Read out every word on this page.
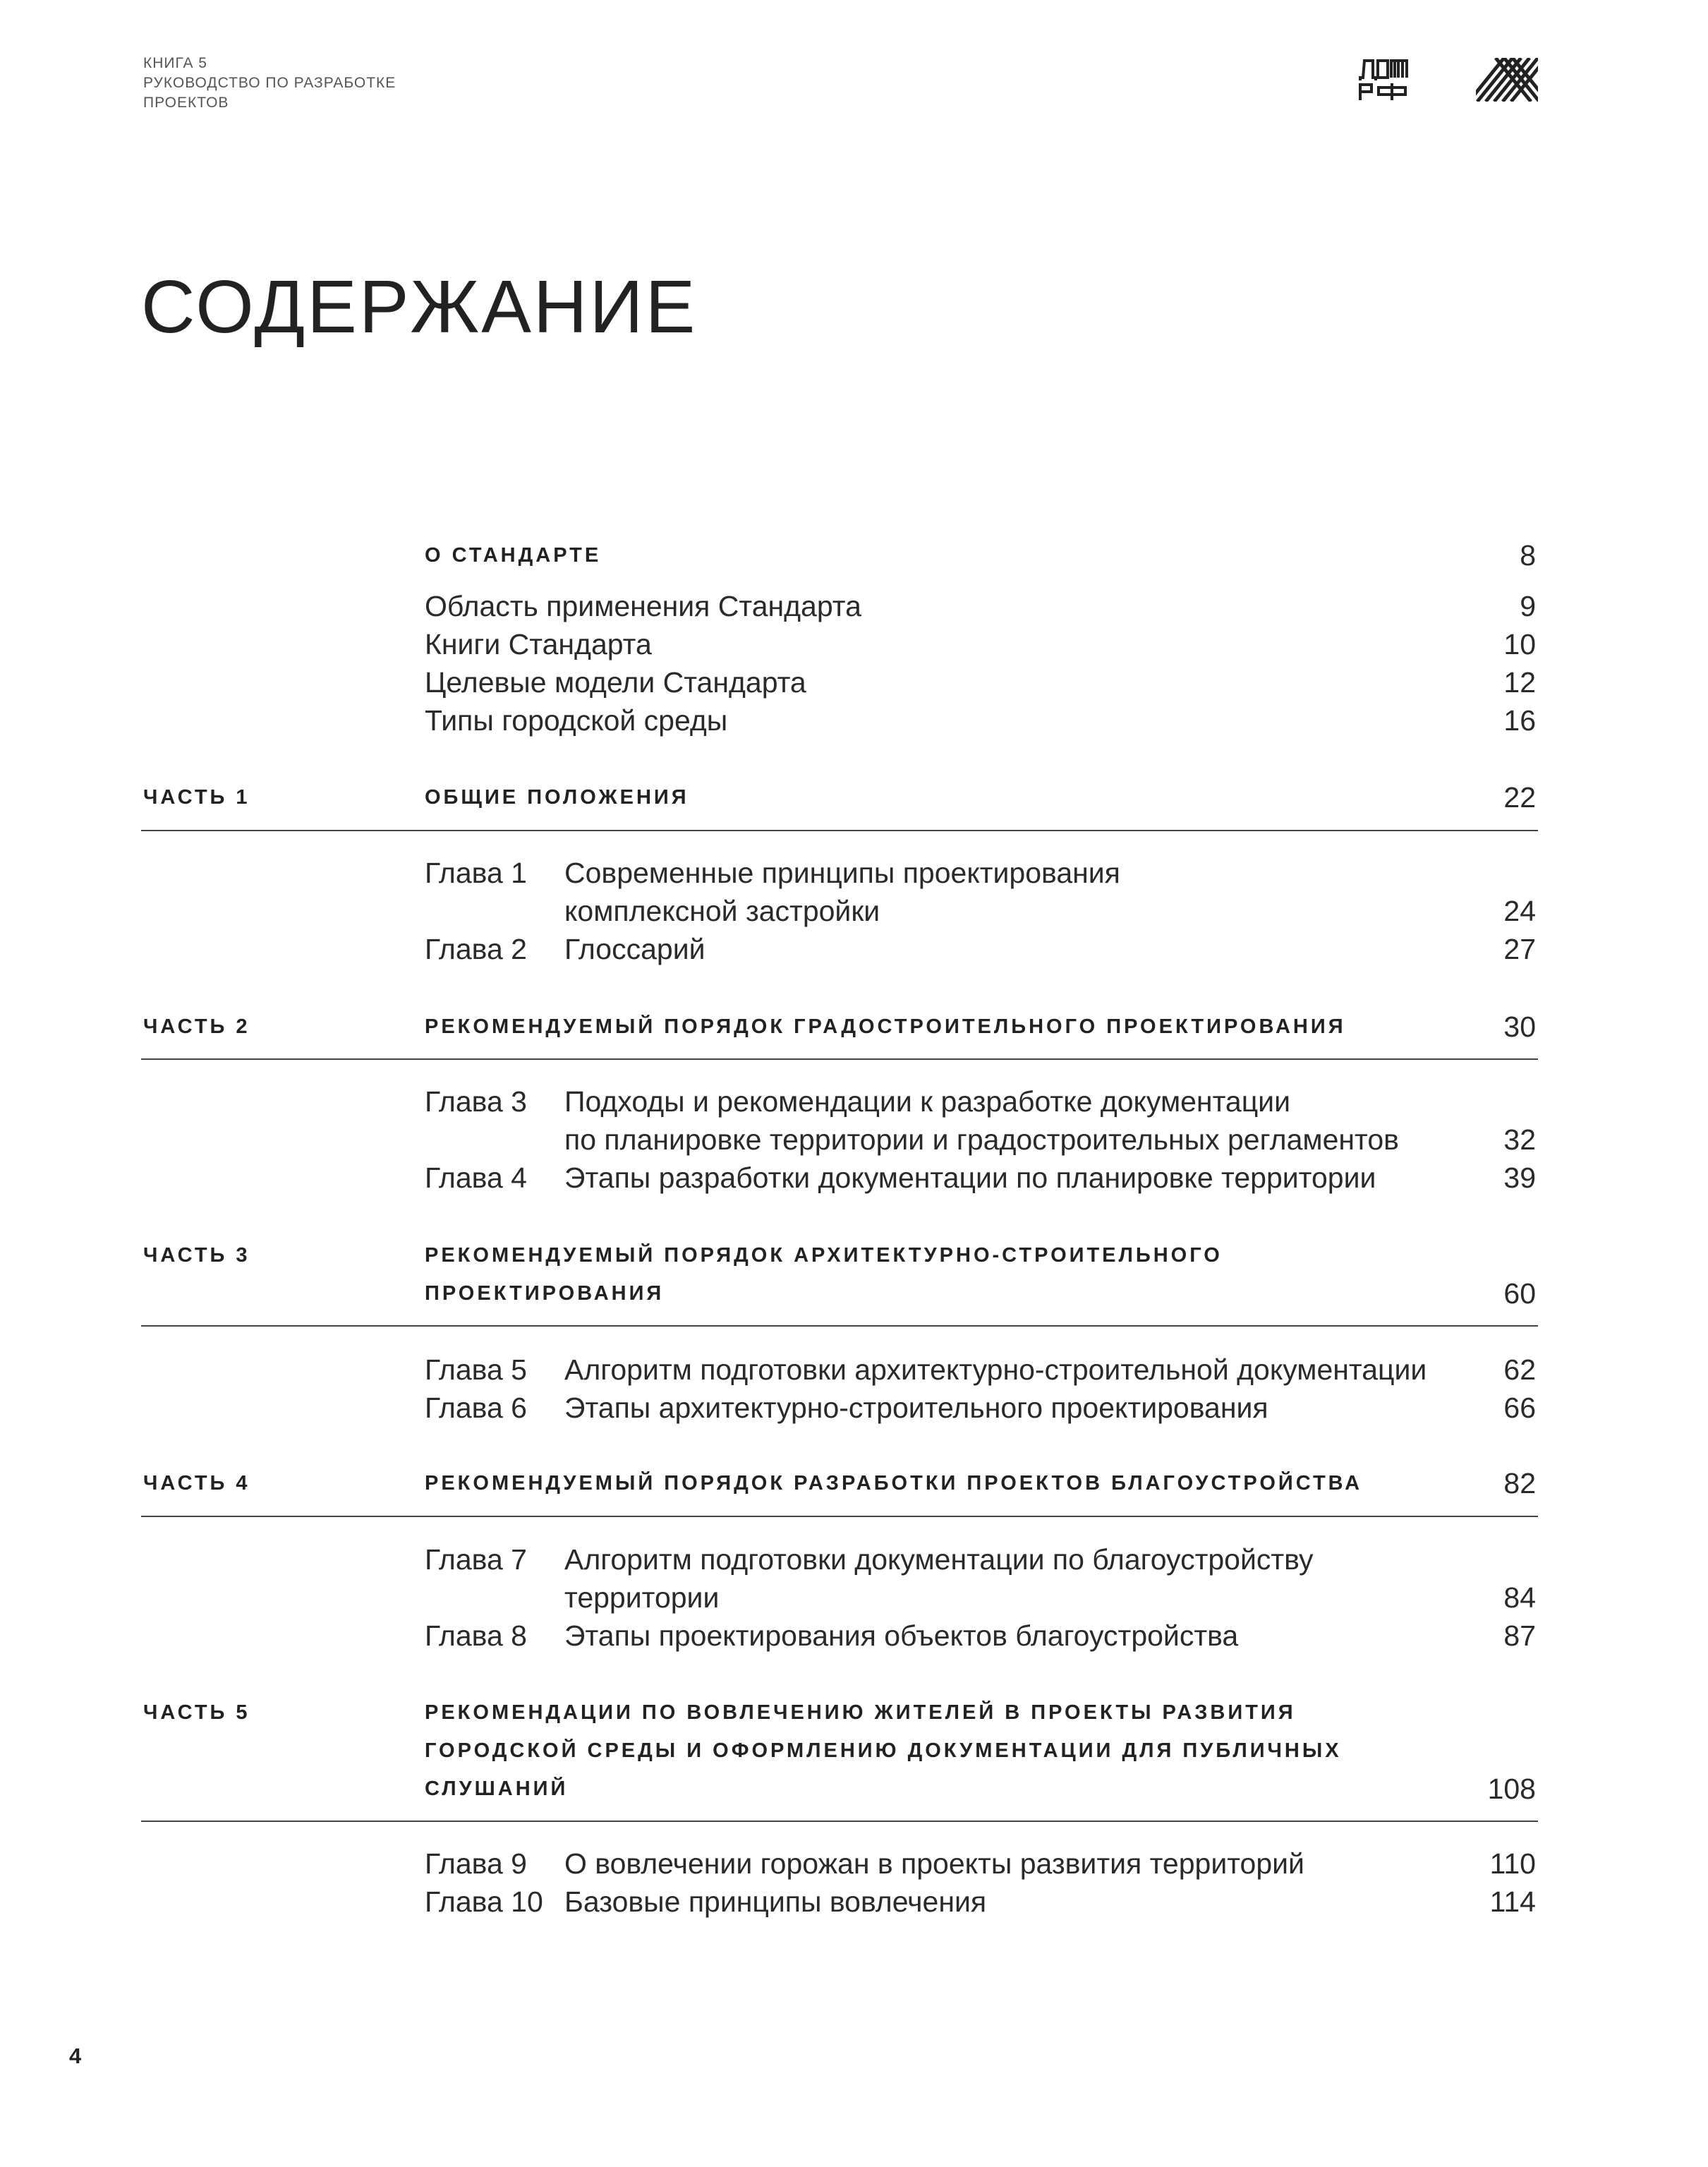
КНИГА 5
РУКОВОДСТВО ПО РАЗРАБОТКЕ
ПРОЕКТОВ
СОДЕРЖАНИЕ
О СТАНДАРТЕ	8
Область применения Стандарта	9
Книги Стандарта	10
Целевые модели Стандарта	12
Типы городской среды	16
ЧАСТЬ 1	ОБЩИЕ ПОЛОЖЕНИЯ	22
Глава 1 Современные принципы проектирования
комплексной застройки	24
Глава 2 Глоссарий	27
ЧАСТЬ 2	РЕКОМЕНДУЕМЫЙ ПОРЯДОК ГРАДОСТРОИТЕЛЬНОГО ПРОЕКТИРОВАНИЯ	30
Глава 3 Подходы и рекомендации к разработке документации
по планировке территории и градостроительных регламентов	32
Глава 4 Этапы разработки документации по планировке территории	39
ЧАСТЬ 3	РЕКОМЕНДУЕМЫЙ ПОРЯДОК АРХИТЕКТУРНО-СТРОИТЕЛЬНОГО
ПРОЕКТИРОВАНИЯ	60
Глава 5 Алгоритм подготовки архитектурно-строительной документации	62
Глава 6 Этапы архитектурно-строительного проектирования	66
ЧАСТЬ 4	РЕКОМЕНДУЕМЫЙ ПОРЯДОК РАЗРАБОТКИ ПРОЕКТОВ БЛАГОУСТРОЙСТВА	82
Глава 7 Алгоритм подготовки документации по благоустройству
территории	84
Глава 8 Этапы проектирования объектов благоустройства	87
ЧАСТЬ 5	РЕКОМЕНДАЦИИ ПО ВОВЛЕЧЕНИЮ ЖИТЕЛЕЙ В ПРОЕКТЫ РАЗВИТИЯ
ГОРОДСКОЙ СРЕДЫ И ОФОРМЛЕНИЮ ДОКУМЕНТАЦИИ ДЛЯ ПУБЛИЧНЫХ
СЛУШАНИЙ	108
Глава 9 О вовлечении горожан в проекты развития территорий	110
Глава 10 Базовые принципы вовлечения	114
4
